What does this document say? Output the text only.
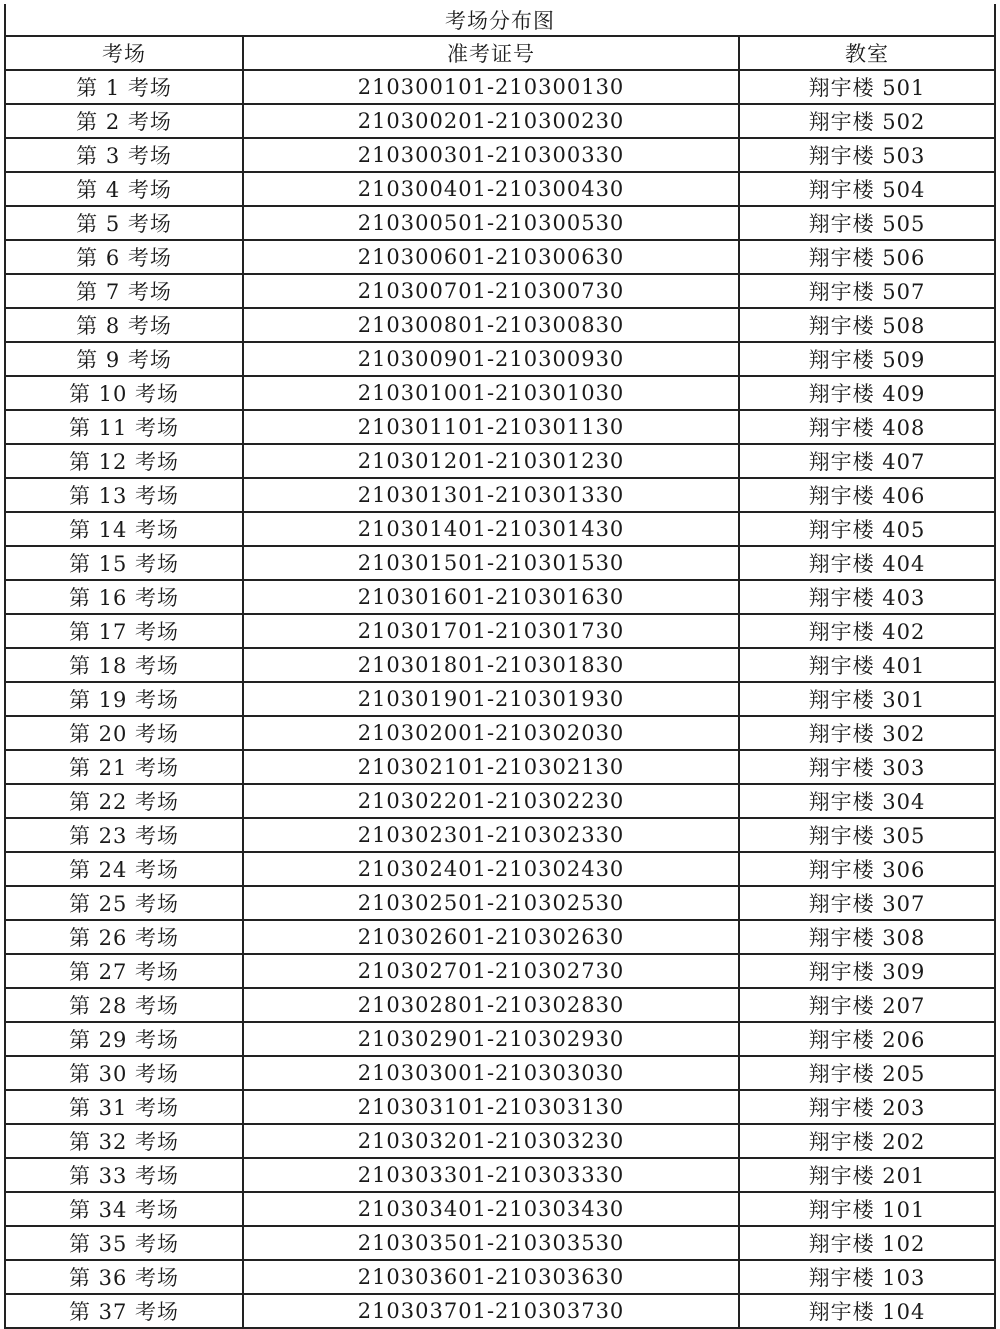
考场分布图		
考场	准考证号	教室
第 1 考场	210300101-210300130	翔宇楼 501
第 2 考场	210300201-210300230	翔宇楼 502
第 3 考场	210300301-210300330	翔宇楼 503
第 4 考场	210300401-210300430	翔宇楼 504
第 5 考场	210300501-210300530	翔宇楼 505
第 6 考场	210300601-210300630	翔宇楼 506
第 7 考场	210300701-210300730	翔宇楼 507
第 8 考场	210300801-210300830	翔宇楼 508
第 9 考场	210300901-210300930	翔宇楼 509
第 10 考场	210301001-210301030	翔宇楼 409
第 11 考场	210301101-210301130	翔宇楼 408
第 12 考场	210301201-210301230	翔宇楼 407
第 13 考场	210301301-210301330	翔宇楼 406
第 14 考场	210301401-210301430	翔宇楼 405
第 15 考场	210301501-210301530	翔宇楼 404
第 16 考场	210301601-210301630	翔宇楼 403
第 17 考场	210301701-210301730	翔宇楼 402
第 18 考场	210301801-210301830	翔宇楼 401
第 19 考场	210301901-210301930	翔宇楼 301
第 20 考场	210302001-210302030	翔宇楼 302
第 21 考场	210302101-210302130	翔宇楼 303
第 22 考场	210302201-210302230	翔宇楼 304
第 23 考场	210302301-210302330	翔宇楼 305
第 24 考场	210302401-210302430	翔宇楼 306
第 25 考场	210302501-210302530	翔宇楼 307
第 26 考场	210302601-210302630	翔宇楼 308
第 27 考场	210302701-210302730	翔宇楼 309
第 28 考场	210302801-210302830	翔宇楼 207
第 29 考场	210302901-210302930	翔宇楼 206
第 30 考场	210303001-210303030	翔宇楼 205
第 31 考场	210303101-210303130	翔宇楼 203
第 32 考场	210303201-210303230	翔宇楼 202
第 33 考场	210303301-210303330	翔宇楼 201
第 34 考场	210303401-210303430	翔宇楼 101
第 35 考场	210303501-210303530	翔宇楼 102
第 36 考场	210303601-210303630	翔宇楼 103
第 37 考场	210303701-210303730	翔宇楼 104
